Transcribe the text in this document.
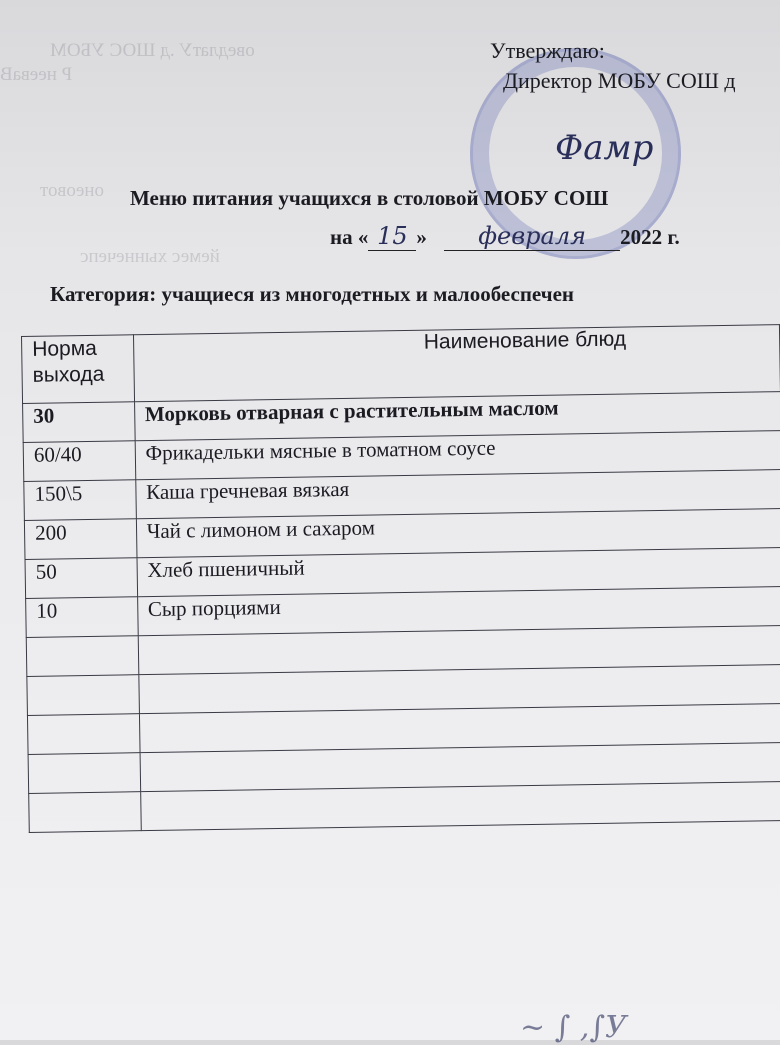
оведлатУ .д ШОС УБОМ
Р нееваВ
онеовот
йемес хыннечепс
Утверждаю:
Директор МОБУ СОШ д
Фамр
Меню питания учащихся в столовой МОБУ СОШ
на « 15 » февраля 2022 г.
Категория: учащиеся из многодетных и малообеспечен
Норма выхода	Наименование блюд
30	Морковь отварная с растительным маслом
60/40	Фрикадельки мясные в томатном соусе
150\5	Каша гречневая вязкая
200	Чай с лимоном и сахаром
50	Хлеб пшеничный
10	Сыр порциями

~ ∫ ,∫У
